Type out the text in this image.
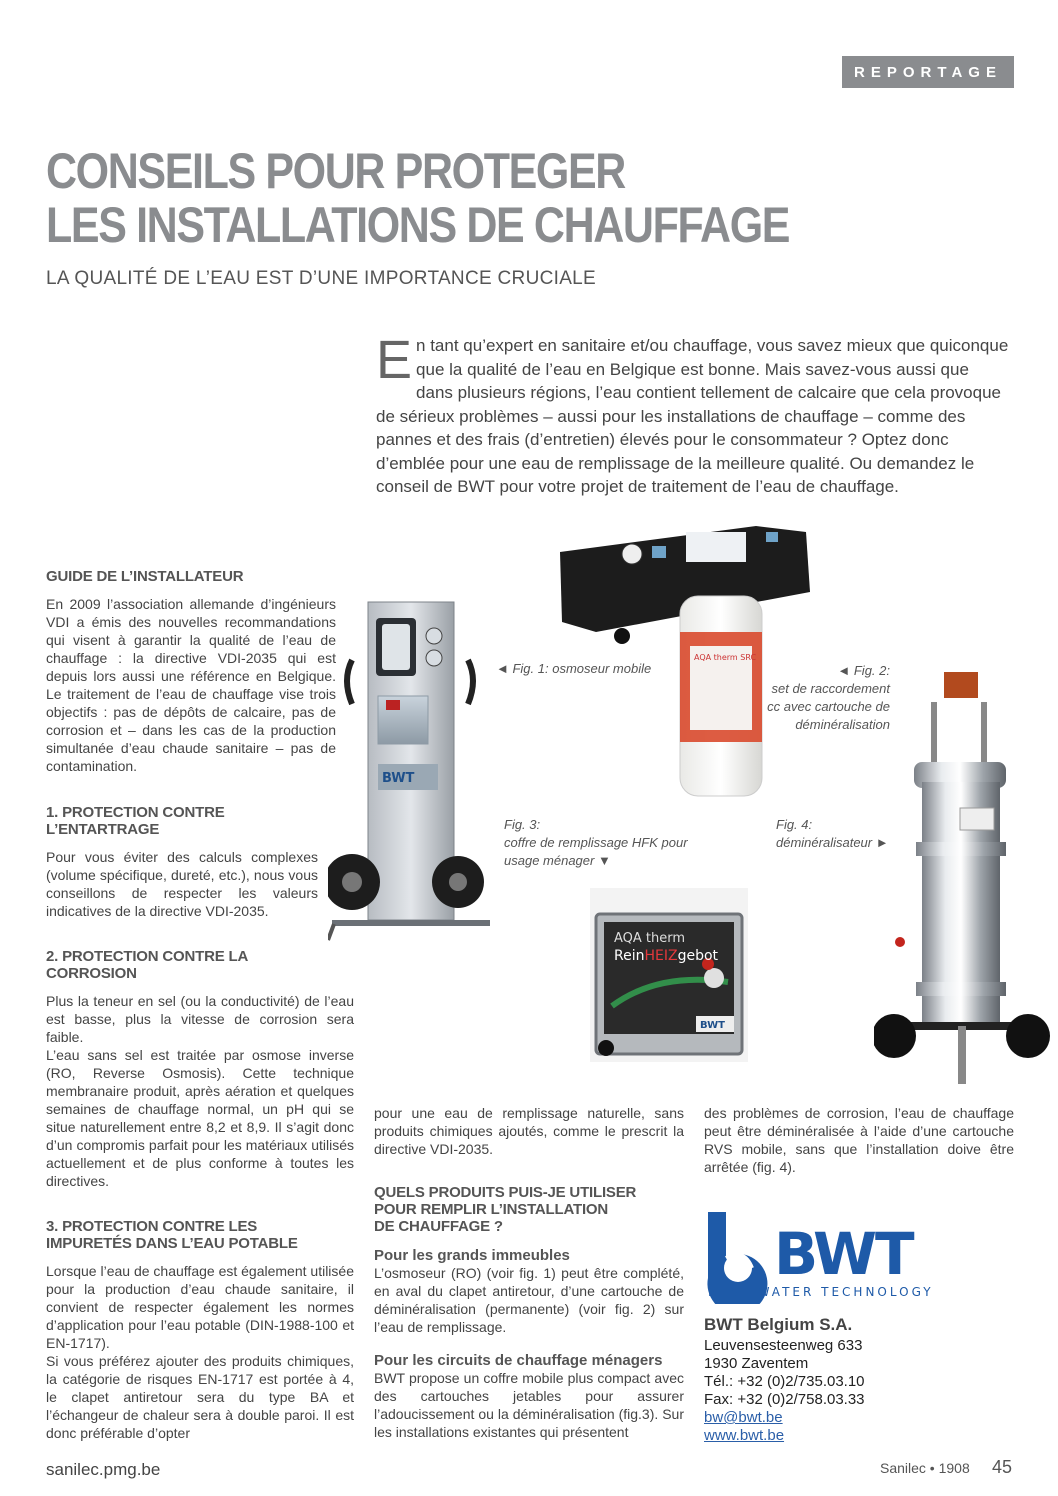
REPORTAGE
CONSEILS POUR PROTEGER
LES INSTALLATIONS DE CHAUFFAGE
LA QUALITÉ DE L’EAU EST D’UNE IMPORTANCE CRUCIALE
En tant qu’expert en sanitaire et/ou chauffage, vous savez mieux que quiconque que la qualité de l’eau en Belgique est bonne. Mais savez-vous aussi que dans plusieurs régions, l’eau contient tellement de calcaire que cela provoque de sérieux problèmes – aussi pour les installations de chauffage – comme des pannes et des frais (d’entretien) élevés pour le consommateur ? Optez donc d’emblée pour une eau de remplissage de la meilleure qualité. Ou demandez le conseil de BWT pour votre projet de traitement de l’eau de chauffage.

GUIDE DE L’INSTALLATEUR

En 2009 l’association allemande d’ingénieurs VDI a émis des nouvelles recommandations qui visent à garantir la qualité de l’eau de chauffage : la directive VDI-2035 qui est depuis lors aussi une référence en Belgique. Le traitement de l’eau de chauffage vise trois objectifs : pas de dépôts de calcaire, pas de corrosion et – dans les cas de la production simultanée d’eau chaude sanitaire – pas de contamination.

1. PROTECTION CONTRE

L’ENTARTRAGE

Pour vous éviter des calculs complexes (volume spécifique, dureté, etc.), nous vous conseillons de respecter les valeurs indicatives de la directive VDI-2035.

2. PROTECTION CONTRE LA

CORROSION

Plus la teneur en sel (ou la conductivité) de l’eau est basse, plus la vitesse de corrosion sera faible.

L’eau sans sel est traitée par osmose inverse (RO, Reverse Osmosis). Cette technique membranaire produit, après aération et quelques semaines de chauffage normal, un pH qui se situe naturellement entre 8,2 et 8,9. Il s’agit donc d’un compromis parfait pour les matériaux utilisés actuellement et de plus conforme à toutes les directives.

3. PROTECTION CONTRE LES

IMPURETÉS DANS L’EAU POTABLE

Lorsque l’eau de chauffage est également utilisée pour la production d’eau chaude sanitaire, il convient de respecter également les normes d’application pour l’eau potable (DIN-1988-100 et EN-1717).

Si vous préférez ajouter des produits chimiques, la catégorie de risques EN-1717 est portée à 4, le clapet antiretour sera du type BA et l’échangeur de chaleur sera à double paroi. Il est donc préférable d’opter

pour une eau de remplissage naturelle, sans produits chimiques ajoutés, comme le prescrit la directive VDI-2035.

QUELS PRODUITS PUIS-JE UTILISER

POUR REMPLIR L’INSTALLATION

DE CHAUFFAGE ?

Pour les grands immeubles

L’osmoseur (RO) (voir fig. 1) peut être complété, en aval du clapet antiretour, d’une cartouche de déminéralisation (permanente) (voir fig. 2) sur l’eau de remplissage.

Pour les circuits de chauffage ménagers

BWT propose un coffre mobile plus compact avec des cartouches jetables pour assurer l’adoucissement ou la déminéralisation (fig.3). Sur les installations existantes qui présentent

des problèmes de corrosion, l’eau de chauffage peut être déminéralisée à l’aide d’une cartouche RVS mobile, sans que l’installation doive être arrêtée (fig. 4).
BWT
AQA therm SRC
AQA therm
ReinHEIZgebot
BWT
◄ Fig. 1: osmoseur mobile	◄ Fig. 2:
set de raccordement
cc avec cartouche de
déminéralisation
Fig. 3:
coffre de remplissage HFK pour
usage ménager ▼
Fig. 4:
déminéralisateur ►
BWT
BEST WATER TECHNOLOGY
BWT Belgium S.A.
Leuvensesteenweg 633
1930 Zaventem
Tél.: +32 (0)2/735.03.10
Fax: +32 (0)2/758.03.33
bw@bwt.be
www.bwt.be
sanilec.pmg.be	Sanilec • 1908 45
